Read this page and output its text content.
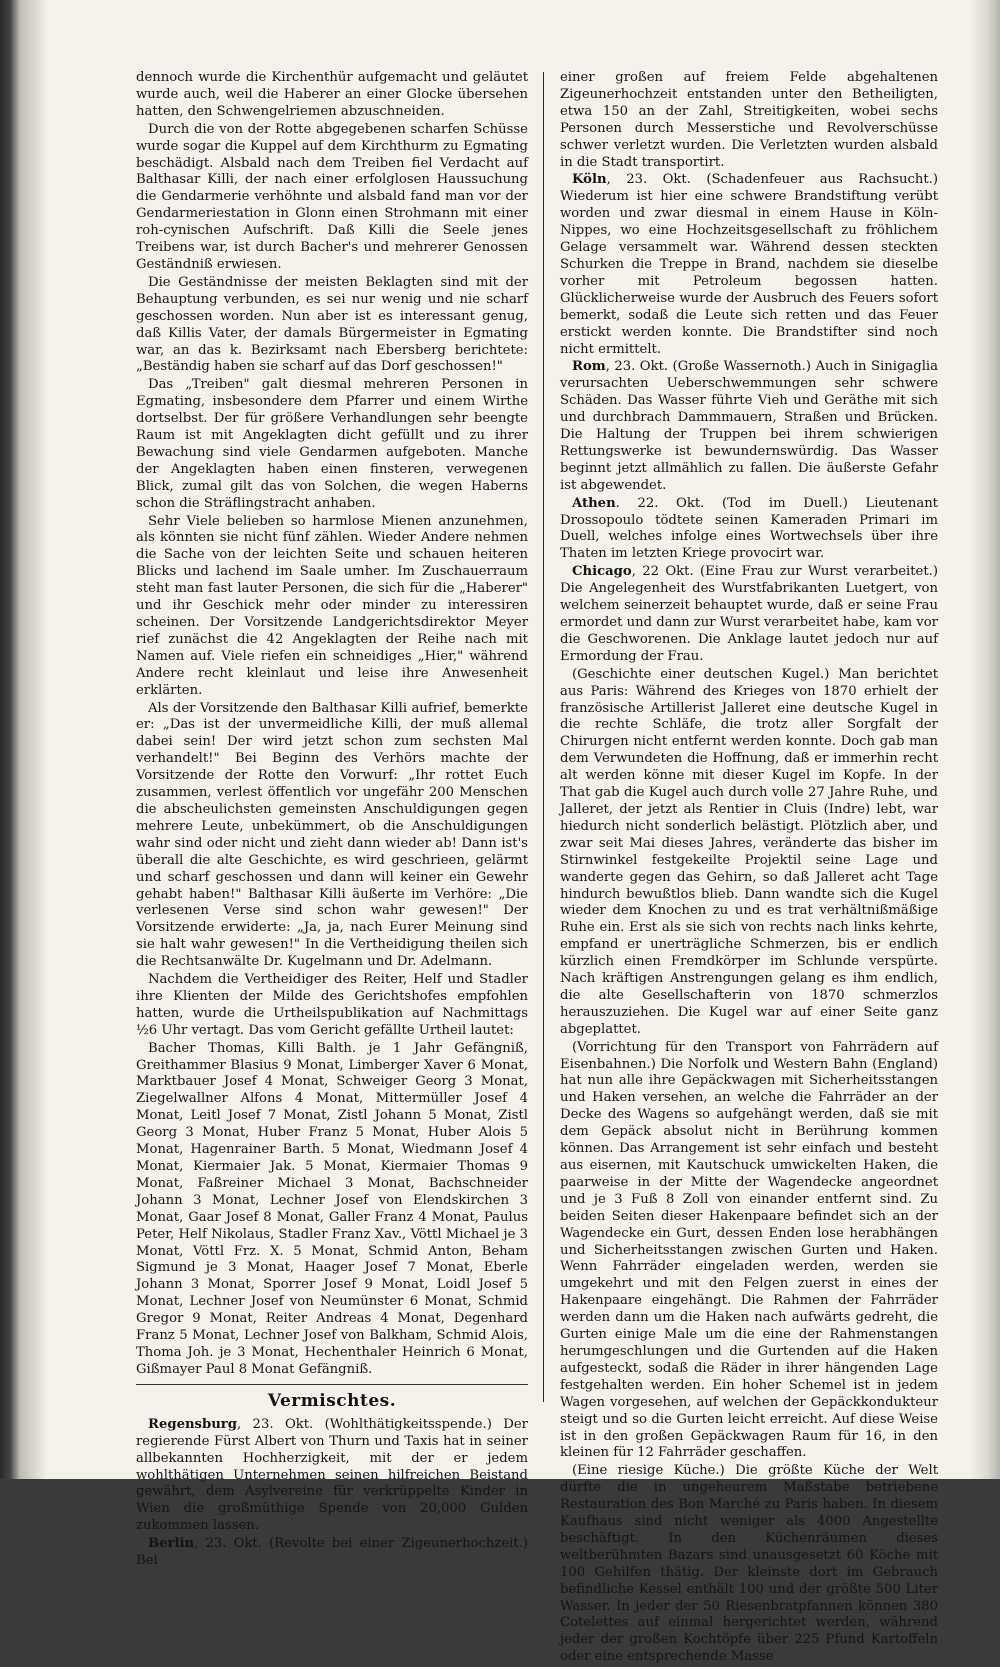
dennoch wurde die Kirchenthür aufgemacht und geläutet wurde auch, weil die Haberer an einer Glocke übersehen hatten, den Schwengelriemen abzuschneiden.

Durch die von der Rotte abgegebenen scharfen Schüsse wurde sogar die Kuppel auf dem Kirchthurm zu Egmating beschädigt. Alsbald nach dem Treiben fiel Verdacht auf Balthasar Killi, der nach einer erfolglosen Haussuchung die Gendarmerie verhöhnte und alsbald fand man vor der Gendarmeriestation in Glonn einen Strohmann mit einer roh-cynischen Aufschrift. Daß Killi die Seele jenes Treibens war, ist durch Bacher's und mehrerer Genossen Geständniß erwiesen.

Die Geständnisse der meisten Beklagten sind mit der Behauptung verbunden, es sei nur wenig und nie scharf geschossen worden. Nun aber ist es interessant genug, daß Killis Vater, der damals Bürgermeister in Egmating war, an das k. Bezirksamt nach Ebersberg berichtete: „Beständig haben sie scharf auf das Dorf geschossen!"

Das „Treiben" galt diesmal mehreren Personen in Egmating, insbesondere dem Pfarrer und einem Wirthe dortselbst. Der für größere Verhandlungen sehr beengte Raum ist mit Angeklagten dicht gefüllt und zu ihrer Bewachung sind viele Gendarmen aufgeboten. Manche der Angeklagten haben einen finsteren, verwegenen Blick, zumal gilt das von Solchen, die wegen Haberns schon die Sträflingstracht anhaben.

Sehr Viele belieben so harmlose Mienen anzunehmen, als könnten sie nicht fünf zählen. Wieder Andere nehmen die Sache von der leichten Seite und schauen heiteren Blicks und lachend im Saale umher. Im Zuschauerraum steht man fast lauter Personen, die sich für die „Haberer" und ihr Geschick mehr oder minder zu interessiren scheinen. Der Vorsitzende Landgerichtsdirektor Meyer rief zunächst die 42 Angeklagten der Reihe nach mit Namen auf. Viele riefen ein schneidiges „Hier," während Andere recht kleinlaut und leise ihre Anwesenheit erklärten.

Als der Vorsitzende den Balthasar Killi aufrief, bemerkte er: „Das ist der unvermeidliche Killi, der muß allemal dabei sein! Der wird jetzt schon zum sechsten Mal verhandelt!" Bei Beginn des Verhörs machte der Vorsitzende der Rotte den Vorwurf: „Ihr rottet Euch zusammen, verlest öffentlich vor ungefähr 200 Menschen die abscheulichsten gemeinsten Anschuldigungen gegen mehrere Leute, unbekümmert, ob die Anschuldigungen wahr sind oder nicht und zieht dann wieder ab! Dann ist's überall die alte Geschichte, es wird geschrieen, gelärmt und scharf geschossen und dann will keiner ein Gewehr gehabt haben!" Balthasar Killi äußerte im Verhöre: „Die verlesenen Verse sind schon wahr gewesen!" Der Vorsitzende erwiderte: „Ja, ja, nach Eurer Meinung sind sie halt wahr gewesen!" In die Vertheidigung theilen sich die Rechtsanwälte Dr. Kugelmann und Dr. Adelmann.

Nachdem die Vertheidiger des Reiter, Helf und Stadler ihre Klienten der Milde des Gerichtshofes empfohlen hatten, wurde die Urtheilspublikation auf Nachmittags ½6 Uhr vertagt. Das vom Gericht gefällte Urtheil lautet:

Bacher Thomas, Killi Balth. je 1 Jahr Gefängniß, Greithammer Blasius 9 Monat, Limberger Xaver 6 Monat, Marktbauer Josef 4 Monat, Schweiger Georg 3 Monat, Ziegelwallner Alfons 4 Monat, Mittermüller Josef 4 Monat, Leitl Josef 7 Monat, Zistl Johann 5 Monat, Zistl Georg 3 Monat, Huber Franz 5 Monat, Huber Alois 5 Monat, Hagenrainer Barth. 5 Monat, Wiedmann Josef 4 Monat, Kiermaier Jak. 5 Monat, Kiermaier Thomas 9 Monat, Faßreiner Michael 3 Monat, Bachschneider Johann 3 Monat, Lechner Josef von Elendskirchen 3 Monat, Gaar Josef 8 Monat, Galler Franz 4 Monat, Paulus Peter, Helf Nikolaus, Stadler Franz Xav., Vöttl Michael je 3 Monat, Vöttl Frz. X. 5 Monat, Schmid Anton, Beham Sigmund je 3 Monat, Haager Josef 7 Monat, Eberle Johann 3 Monat, Sporrer Josef 9 Monat, Loidl Josef 5 Monat, Lechner Josef von Neumünster 6 Monat, Schmid Gregor 9 Monat, Reiter Andreas 4 Monat, Degenhard Franz 5 Monat, Lechner Josef von Balkham, Schmid Alois, Thoma Joh. je 3 Monat, Hechenthaler Heinrich 6 Monat, Gißmayer Paul 8 Monat Gefängniß.

Vermischtes.

Regensburg, 23. Okt. (Wohlthätigkeitsspende.) Der regierende Fürst Albert von Thurn und Taxis hat in seiner allbekannten Hochherzigkeit, mit der er jedem wohlthätigen Unternehmen seinen hilfreichen Beistand gewährt, dem Asylvereine für verkrüppelte Kinder in Wien die großmüthige Spende von 20,000 Gulden zukommen lassen.

Berlin, 23. Okt. (Revolte bei einer Zigeunerhochzeit.) Bei

einer großen auf freiem Felde abgehaltenen Zigeunerhochzeit entstanden unter den Betheiligten, etwa 150 an der Zahl, Streitigkeiten, wobei sechs Personen durch Messerstiche und Revolverschüsse schwer verletzt wurden. Die Verletzten wurden alsbald in die Stadt transportirt.

Köln, 23. Okt. (Schadenfeuer aus Rachsucht.) Wiederum ist hier eine schwere Brandstiftung verübt worden und zwar diesmal in einem Hause in Köln-Nippes, wo eine Hochzeitsgesellschaft zu fröhlichem Gelage versammelt war. Während dessen steckten Schurken die Treppe in Brand, nachdem sie dieselbe vorher mit Petroleum begossen hatten. Glücklicherweise wurde der Ausbruch des Feuers sofort bemerkt, sodaß die Leute sich retten und das Feuer erstickt werden konnte. Die Brandstifter sind noch nicht ermittelt.

Rom, 23. Okt. (Große Wassernoth.) Auch in Sinigaglia verursachten Ueberschwemmungen sehr schwere Schäden. Das Wasser führte Vieh und Geräthe mit sich und durchbrach Dammmauern, Straßen und Brücken. Die Haltung der Truppen bei ihrem schwierigen Rettungswerke ist bewundernswürdig. Das Wasser beginnt jetzt allmählich zu fallen. Die äußerste Gefahr ist abgewendet.

Athen. 22. Okt. (Tod im Duell.) Lieutenant Drossopoulo tödtete seinen Kameraden Primari im Duell, welches infolge eines Wortwechsels über ihre Thaten im letzten Kriege provocirt war.

Chicago, 22 Okt. (Eine Frau zur Wurst verarbeitet.) Die Angelegenheit des Wurstfabrikanten Luetgert, von welchem seinerzeit behauptet wurde, daß er seine Frau ermordet und dann zur Wurst verarbeitet habe, kam vor die Geschworenen. Die Anklage lautet jedoch nur auf Ermordung der Frau.

(Geschichte einer deutschen Kugel.) Man berichtet aus Paris: Während des Krieges von 1870 erhielt der französische Artillerist Jalleret eine deutsche Kugel in die rechte Schläfe, die trotz aller Sorgfalt der Chirurgen nicht entfernt werden konnte. Doch gab man dem Verwundeten die Hoffnung, daß er immerhin recht alt werden könne mit dieser Kugel im Kopfe. In der That gab die Kugel auch durch volle 27 Jahre Ruhe, und Jalleret, der jetzt als Rentier in Cluis (Indre) lebt, war hiedurch nicht sonderlich belästigt. Plötzlich aber, und zwar seit Mai dieses Jahres, veränderte das bisher im Stirnwinkel festgekeilte Projektil seine Lage und wanderte gegen das Gehirn, so daß Jalleret acht Tage hindurch bewußtlos blieb. Dann wandte sich die Kugel wieder dem Knochen zu und es trat verhältnißmäßige Ruhe ein. Erst als sie sich von rechts nach links kehrte, empfand er unerträgliche Schmerzen, bis er endlich kürzlich einen Fremdkörper im Schlunde verspürte. Nach kräftigen Anstrengungen gelang es ihm endlich, die alte Gesellschafterin von 1870 schmerzlos herauszuziehen. Die Kugel war auf einer Seite ganz abgeplattet.

(Vorrichtung für den Transport von Fahrrädern auf Eisenbahnen.) Die Norfolk und Western Bahn (England) hat nun alle ihre Gepäckwagen mit Sicherheitsstangen und Haken versehen, an welche die Fahrräder an der Decke des Wagens so aufgehängt werden, daß sie mit dem Gepäck absolut nicht in Berührung kommen können. Das Arrangement ist sehr einfach und besteht aus eisernen, mit Kautschuck umwickelten Haken, die paarweise in der Mitte der Wagendecke angeordnet und je 3 Fuß 8 Zoll von einander entfernt sind. Zu beiden Seiten dieser Hakenpaare befindet sich an der Wagendecke ein Gurt, dessen Enden lose herabhängen und Sicherheitsstangen zwischen Gurten und Haken. Wenn Fahrräder eingeladen werden, werden sie umgekehrt und mit den Felgen zuerst in eines der Hakenpaare eingehängt. Die Rahmen der Fahrräder werden dann um die Haken nach aufwärts gedreht, die Gurten einige Male um die eine der Rahmenstangen herumgeschlungen und die Gurtenden auf die Haken aufgesteckt, sodaß die Räder in ihrer hängenden Lage festgehalten werden. Ein hoher Schemel ist in jedem Wagen vorgesehen, auf welchen der Gepäckkondukteur steigt und so die Gurten leicht erreicht. Auf diese Weise ist in den großen Gepäckwagen Raum für 16, in den kleinen für 12 Fahrräder geschaffen.

(Eine riesige Küche.) Die größte Küche der Welt dürfte die in ungeheurem Maßstabe betriebene Restauration des Bon Marché zu Paris haben. In diesem Kaufhaus sind nicht weniger als 4000 Angestellte beschäftigt. In den Küchenräumen dieses weltberühmten Bazars sind unausgesetzt 60 Köche mit 100 Gehilfen thätig. Der kleinste dort im Gebrauch befindliche Kessel enthält 100 und der größte 500 Liter Wasser. In jeder der 50 Riesenbratpfannen können 380 Cotelettes auf einmal hergerichtet werden, während jeder der großen Kochtöpfe über 225 Pfund Kartoffeln oder eine entsprechende Masse
